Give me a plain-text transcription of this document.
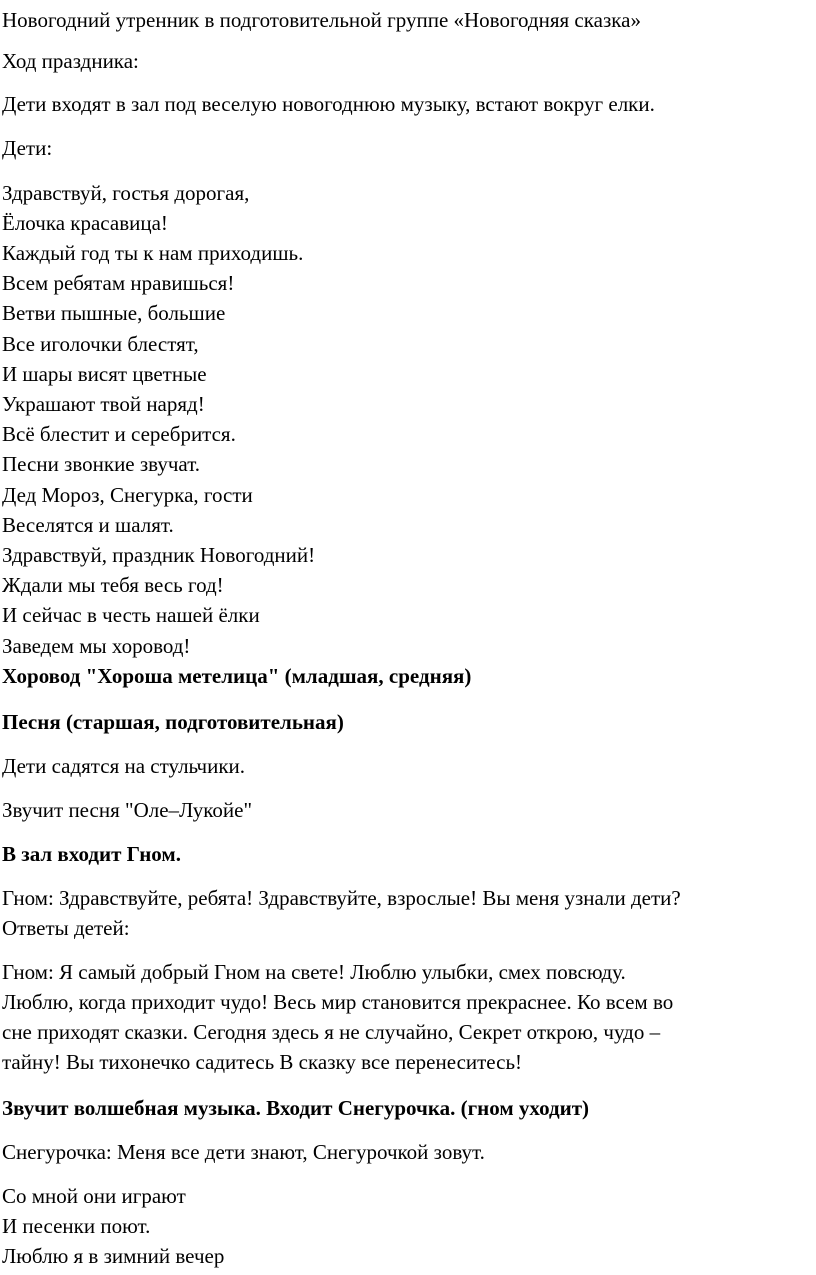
Новогодний утренник в подготовительной группе «Новогодняя сказка»
Ход праздника:
Дети входят в зал под веселую новогоднюю музыку, встают вокруг елки.
Дети:
Здравствуй, гостья дорогая,
Ёлочка красавица!
Каждый год ты к нам приходишь.
Всем ребятам нравишься!
Ветви пышные, большие
Все иголочки блестят,
И шары висят цветные
Украшают твой наряд!
Всё блестит и серебрится.
Песни звонкие звучат.
Дед Мороз, Снегурка, гости
Веселятся и шалят.
Здравствуй, праздник Новогодний!
Ждали мы тебя весь год!
И сейчас в честь нашей ёлки
Заведем мы хоровод!
Хоровод "Хороша метелица" (младшая, средняя)
Песня (старшая, подготовительная)
Дети садятся на стульчики.
Звучит песня "Оле–Лукойе"
В зал входит Гном.
Гном: Здравствуйте, ребята! Здравствуйте, взрослые! Вы меня узнали дети?
Ответы детей:
Гном: Я самый добрый Гном на свете! Люблю улыбки, смех повсюду.
Люблю, когда приходит чудо! Весь мир становится прекраснее. Ко всем во
сне приходят сказки. Сегодня здесь я не случайно, Секрет открою, чудо –
тайну! Вы тихонечко садитесь В сказку все перенеситесь!
Звучит волшебная музыка. Входит Снегурочка. (гном уходит)
Снегурочка: Меня все дети знают, Снегурочкой зовут.
Со мной они играют
И песенки поют.
Люблю я в зимний вечер
